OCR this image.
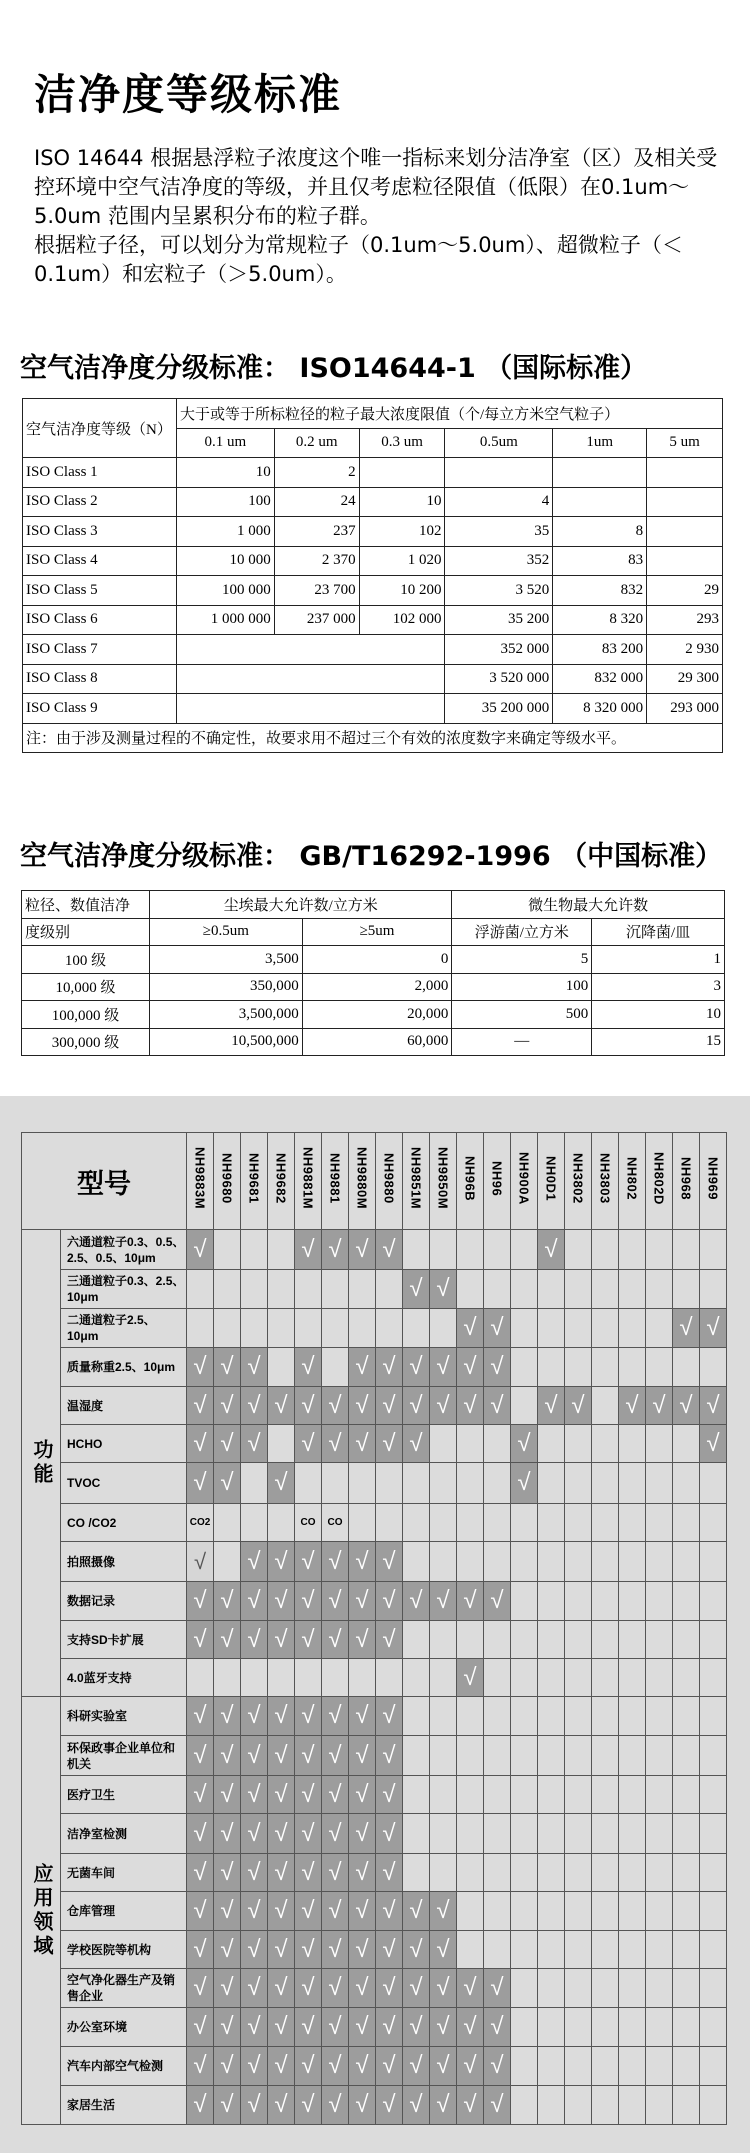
洁净度等级标准

ISO 14644 根据悬浮粒子浓度这个唯一指标来划分洁净室（区）及相关受控环境中空气洁净度的等级，并且仅考虑粒径限值（低限）在0.1um～5.0um 范围内呈累积分布的粒子群。

根据粒子径，可以划分为常规粒子（0.1um～5.0um）、超微粒子（＜0.1um）和宏粒子（＞5.0um）。

空气洁净度分级标准： ISO14644-1 （国际标准）
空气洁净度等级（N）	大于或等于所标粒径的粒子最大浓度限值（个/每立方米空气粒子）					
	0.1 um	0.2 um	0.3 um	0.5um	1um	5 um
ISO Class 1	10	2				
ISO Class 2	100	24	10	4		
ISO Class 3	1 000	237	102	35	8	
ISO Class 4	10 000	2 370	1 020	352	83	
ISO Class 5	100 000	23 700	10 200	3 520	832	29
ISO Class 6	1 000 000	237 000	102 000	35 200	8 320	293
ISO Class 7				352 000	83 200	2 930
ISO Class 8				3 520 000	832 000	29 300
ISO Class 9				35 200 000	8 320 000	293 000
注：由于涉及测量过程的不确定性，故要求用不超过三个有效的浓度数字来确定等级水平。						
空气洁净度分级标准： GB/T16292-1996 （中国标准）
粒径、数值洁净	尘埃最大允许数/立方米		微生物最大允许数	
度级别	≥0.5um	≥5um	浮游菌/立方米	沉降菌/皿
100 级	3,500	0	5	1
10,000 级	350,000	2,000	100	3
100,000 级	3,500,000	20,000	500	10
300,000 级	10,500,000	60,000	—	15
型号		NH9883M	NH9680	NH9681	NH9682	NH9881M	NH9881	NH9880M	NH9880	NH9851M	NH9850M	NH96B	NH96	NH900A	NH0D1	NH3802	NH3803	NH802	NH802D	NH968	NH969
功能	六通道粒子0.3、0.5、2.5、0.5、10μm	√				√	√	√	√						√						
	三通道粒子0.3、2.5、10μm									√	√										
	二通道粒子2.5、10μm											√	√							√	√
	质量称重2.5、10μm	√	√	√		√		√	√	√	√	√	√								
	温湿度	√	√	√	√	√	√	√	√	√	√	√	√		√	√		√	√	√	√
	HCHO	√	√	√		√	√	√	√	√				√							√
	TVOC	√	√		√									√							
	CO /CO2	CO2				CO	CO														
	拍照摄像	√		√	√	√	√	√	√												
	数据记录	√	√	√	√	√	√	√	√	√	√	√	√								
	支持SD卡扩展	√	√	√	√	√	√	√	√												
	4.0蓝牙支持											√									
应用领域	科研实验室	√	√	√	√	√	√	√	√												
	环保政事企业单位和机关	√	√	√	√	√	√	√	√												
	医疗卫生	√	√	√	√	√	√	√	√												
	洁净室检测	√	√	√	√	√	√	√	√												
	无菌车间	√	√	√	√	√	√	√	√												
	仓库管理	√	√	√	√	√	√	√	√	√	√										
	学校医院等机构	√	√	√	√	√	√	√	√	√	√										
	空气净化器生产及销售企业	√	√	√	√	√	√	√	√	√	√	√	√								
	办公室环境	√	√	√	√	√	√	√	√	√	√	√	√								
	汽车内部空气检测	√	√	√	√	√	√	√	√	√	√	√	√								
	家居生活	√	√	√	√	√	√	√	√	√	√	√	√								
